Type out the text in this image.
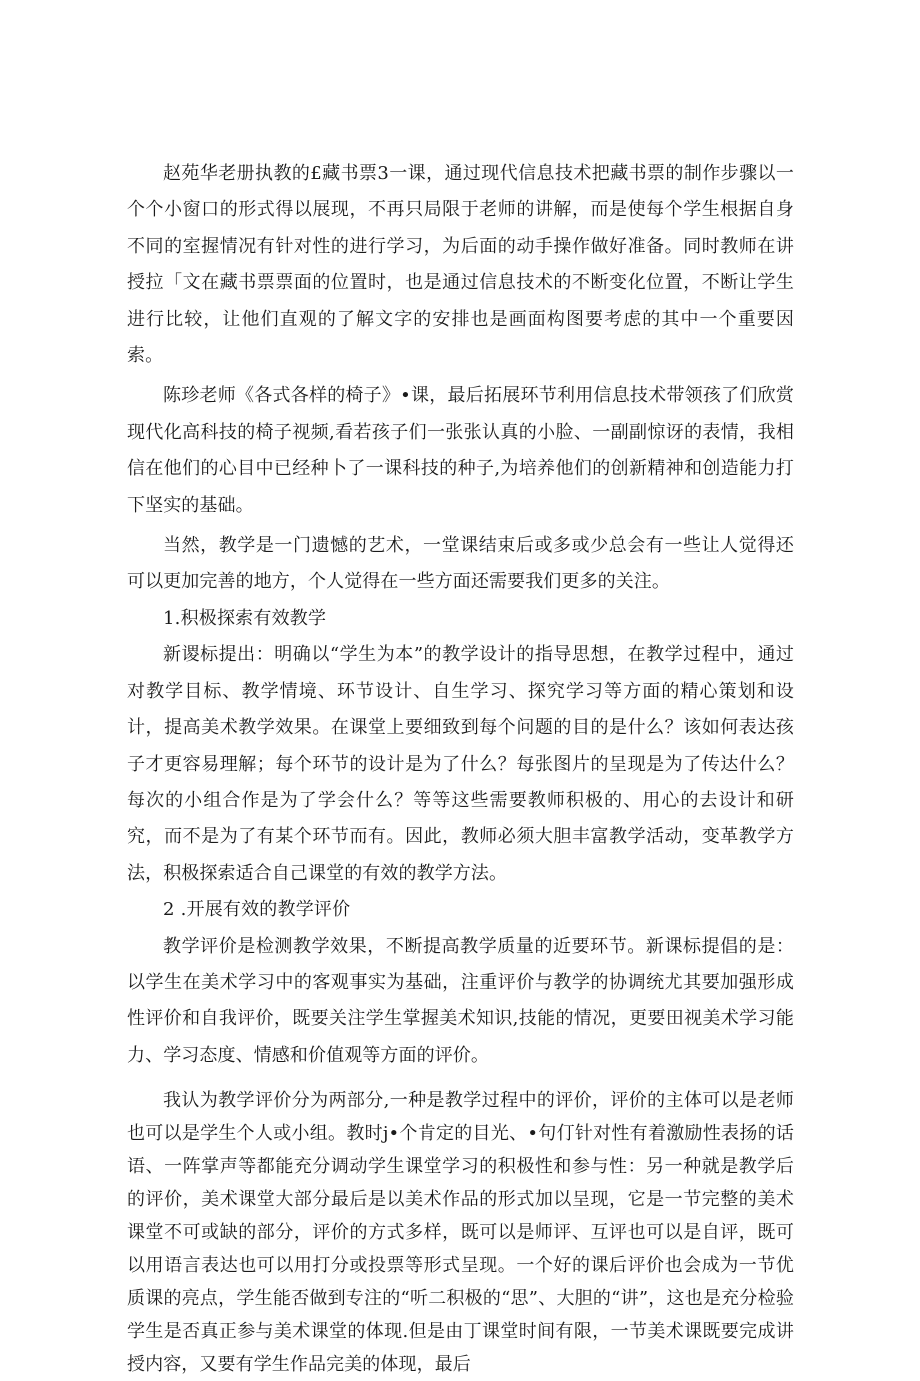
赵苑华老册执教的£藏书票3一课，通过现代信息技术把藏书票的制作步骤以一个个小窗口的形式得以展现，不再只局限于老师的讲解，而是使每个学生根据自身不同的室握情况有针对性的进行学习，为后面的动手操作做好准备。同时教师在讲授拉「文在藏书票票面的位置时，也是通过信息技术的不断变化位置，不断让学生进行比较，让他们直观的了解文字的安排也是画面构图要考虑的其中一个重要因索。

陈珍老师《各式各样的椅子》•课，最后拓展环节利用信息技术带领孩了们欣赏现代化高科技的椅子视频,看若孩子们一张张认真的小脸、一副副惊讶的表情，我相信在他们的心目中已经种卜了一课科技的种子,为培养他们的创新精神和创造能力打下坚实的基础。

当然，教学是一门遗憾的艺术，一堂课结束后或多或少总会有一些让人觉得还可以更加完善的地方，个人觉得在一些方面还需要我们更多的关注。

1.积极探索有效教学

新谡标提出：明确以“学生为本”的教学设计的指导思想，在教学过程中，通过对教学目标、教学情境、环节设计、自生学习、探究学习等方面的精心策划和设计，提高美术教学效果。在课堂上要细致到每个问题的目的是什么？该如何表达孩子才更容易理解；每个环节的设计是为了什么？每张图片的呈现是为了传达什么？每次的小组合作是为了学会什么？等等这些需要教师积极的、用心的去设计和研究，而不是为了有某个环节而有。因此，教师必须大胆丰富教学活动，变革教学方法，积极探索适合自己课堂的有效的教学方法。

2 .开展有效的教学评价

教学评价是检测教学效果，不断提高教学质量的近要环节。新课标提倡的是：以学生在美术学习中的客观事实为基础，注重评价与教学的协调统尤其要加强形成性评价和自我评价，既要关注学生掌握美术知识,技能的情况，更要田视美术学习能力、学习态度、情感和价值观等方面的评价。

我认为教学评价分为两部分,一种是教学过程中的评价，评价的主体可以是老师也可以是学生个人或小组。教时j•个肯定的目光、•句仃针对性有着激励性表扬的话语、一阵掌声等都能充分调动学生课堂学习的积极性和参与性：另一种就是教学后的评价，美术课堂大部分最后是以美术作品的形式加以呈现，它是一节完整的美术课堂不可或缺的部分，评价的方式多样，既可以是师评、互评也可以是自评，既可以用语言表达也可以用打分或投票等形式呈现。一个好的课后评价也会成为一节优质课的亮点，学生能否做到专注的“听二积极的“思”、大胆的“讲”，这也是充分检验学生是否真正参与美术课堂的体现.但是由丁课堂时间有限，一节美术课既要完成讲授内容，又要有学生作品完美的体现，最后
